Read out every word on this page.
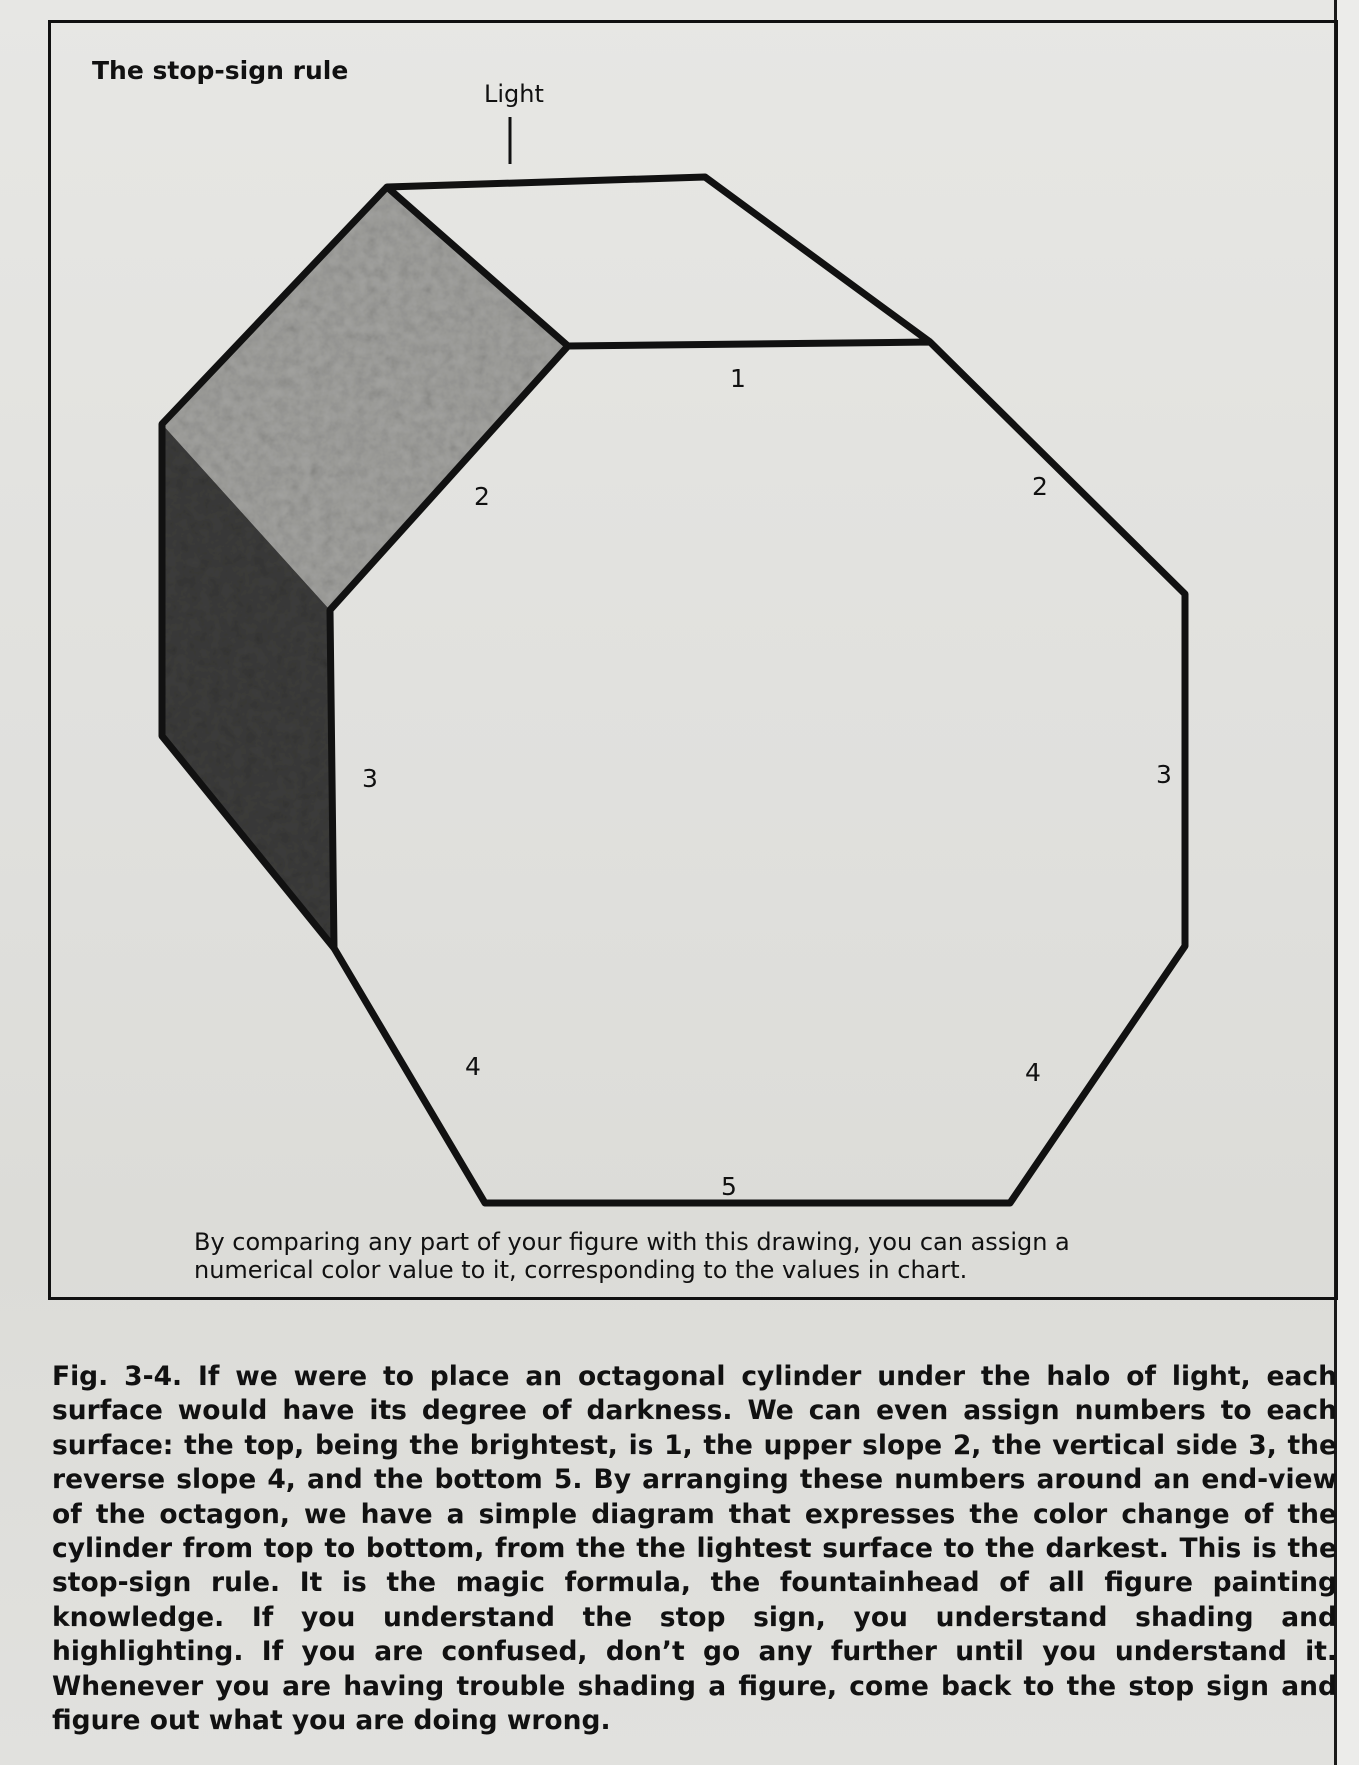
The stop-sign rule
Light
1
2	2
3	3
4	4
5
By comparing any part of your figure with this drawing, you can assign a numerical color value to it, corresponding to the values in chart.

Fig. 3-4. If we were to place an octagonal cylinder under the halo of light, each surface would have its degree of darkness. We can even assign numbers to each surface: the top, being the brightest, is 1, the upper slope 2, the vertical side 3, the reverse slope 4, and the bottom 5. By arranging these numbers around an end-view of the octagon, we have a simple diagram that expresses the color change of the cylinder from top to bottom, from the the lightest surface to the darkest. This is the stop-sign rule. It is the magic formula, the fountainhead of all figure painting knowledge. If you understand the stop sign, you understand shading and highlighting. If you are confused, don’t go any further until you understand it. Whenever you are having trouble shading a figure, come back to the stop sign and figure out what you are doing wrong.
